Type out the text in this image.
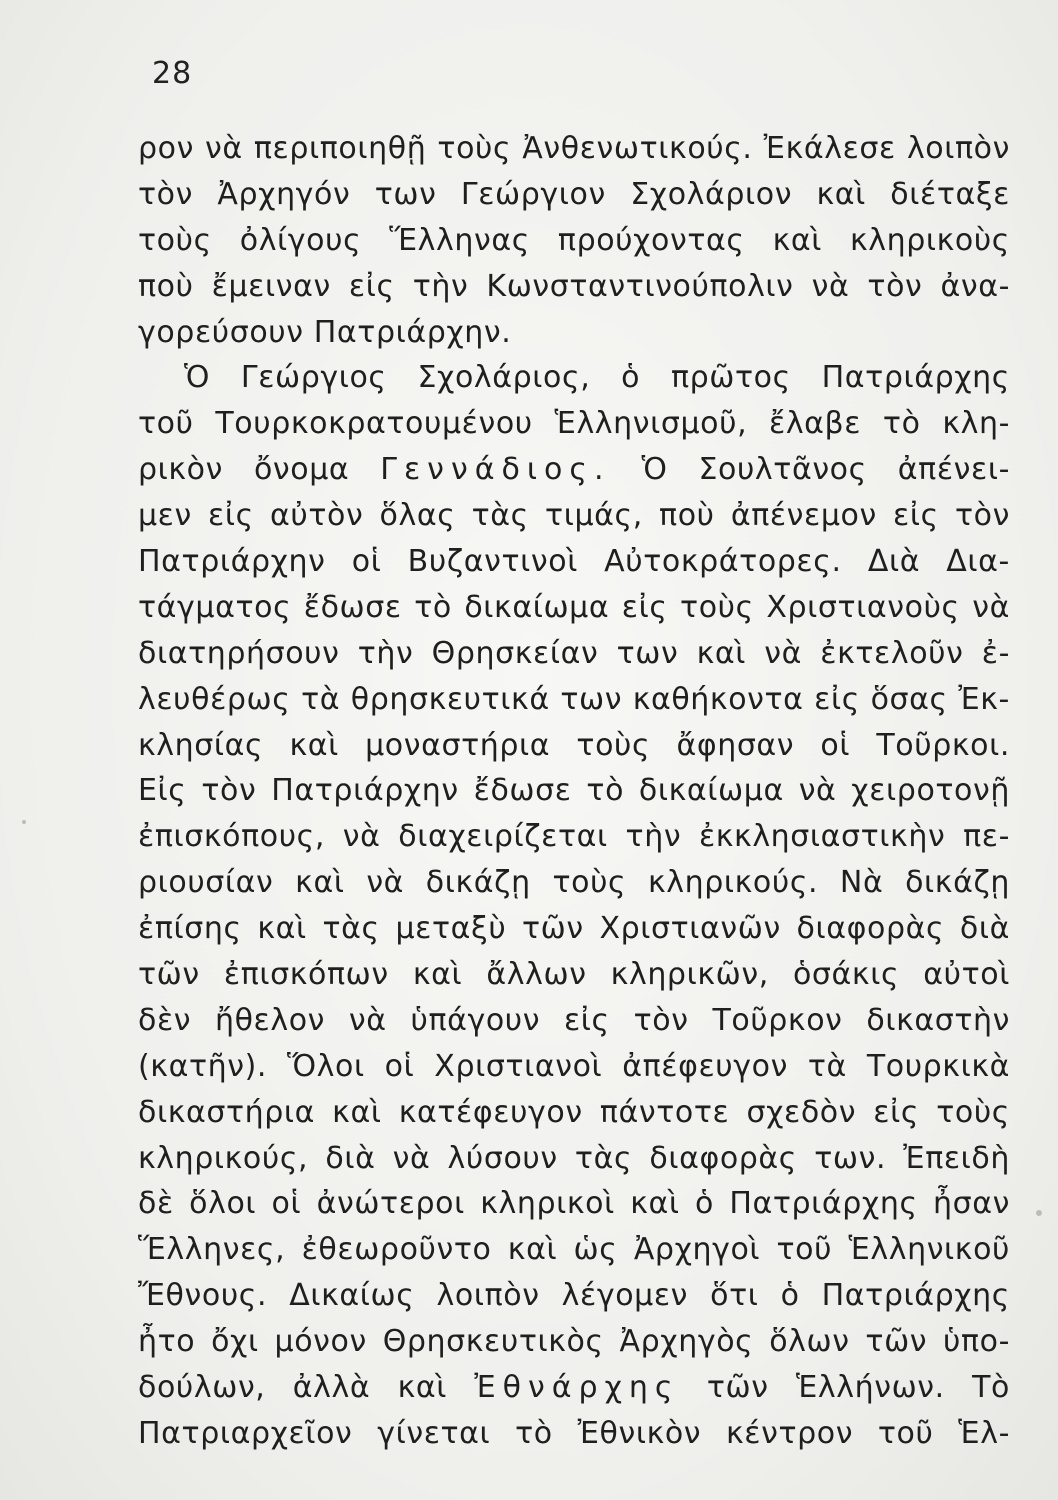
28
ρον νὰ περιποιηθῇ τοὺς Ἀνθενωτικούς. Ἐκάλεσε λοιπὸν
τὸν Ἀρχηγόν των Γεώργιον Σχολάριον καὶ διέταξε
τοὺς ὀλίγους Ἕλληνας προύχοντας καὶ κληρικοὺς
ποὺ ἔμειναν εἰς τὴν Κωνσταντινούπολιν νὰ τὸν ἀνα-
γορεύσουν Πατριάρχην.
Ὁ Γεώργιος Σχολάριος, ὁ πρῶτος Πατριάρχης
τοῦ Τουρκοκρατουμένου Ἑλληνισμοῦ, ἔλαβε τὸ κλη-
ρικὸν ὄνομα Γεννάδιος. Ὁ Σουλτᾶνος ἀπένει-
μεν εἰς αὐτὸν ὅλας τὰς τιμάς, ποὺ ἀπένεμον εἰς τὸν
Πατριάρχην οἱ Βυζαντινοὶ Αὐτοκράτορες. Διὰ Δια-
τάγματος ἔδωσε τὸ δικαίωμα εἰς τοὺς Χριστιανοὺς νὰ
διατηρήσουν τὴν Θρησκείαν των καὶ νὰ ἐκτελοῦν ἐ-
λευθέρως τὰ θρησκευτικά των καθήκοντα εἰς ὅσας Ἐκ-
κλησίας καὶ μοναστήρια τοὺς ἄφησαν οἱ Τοῦρκοι.
Εἰς τὸν Πατριάρχην ἔδωσε τὸ δικαίωμα νὰ χειροτονῇ
ἐπισκόπους, νὰ διαχειρίζεται τὴν ἐκκλησιαστικὴν πε-
ριουσίαν καὶ νὰ δικάζῃ τοὺς κληρικούς. Νὰ δικάζῃ
ἐπίσης καὶ τὰς μεταξὺ τῶν Χριστιανῶν διαφορὰς διὰ
τῶν ἐπισκόπων καὶ ἄλλων κληρικῶν, ὁσάκις αὐτοὶ
δὲν ἤθελον νὰ ὑπάγουν εἰς τὸν Τοῦρκον δικαστὴν
(κατῆν). Ὅλοι οἱ Χριστιανοὶ ἀπέφευγον τὰ Τουρκικὰ
δικαστήρια καὶ κατέφευγον πάντοτε σχεδὸν εἰς τοὺς
κληρικούς, διὰ νὰ λύσουν τὰς διαφορὰς των. Ἐπειδὴ
δὲ ὅλοι οἱ ἀνώτεροι κληρικοὶ καὶ ὁ Πατριάρχης ἦσαν
Ἕλληνες, ἐθεωροῦντο καὶ ὡς Ἀρχηγοὶ τοῦ Ἑλληνικοῦ
Ἔθνους. Δικαίως λοιπὸν λέγομεν ὅτι ὁ Πατριάρχης
ἦτο ὄχι μόνον Θρησκευτικὸς Ἀρχηγὸς ὅλων τῶν ὑπο-
δούλων, ἀλλὰ καὶ Ἐθνάρχης τῶν Ἑλλήνων. Τὸ
Πατριαρχεῖον γίνεται τὸ Ἐθνικὸν κέντρον τοῦ Ἑλ-
